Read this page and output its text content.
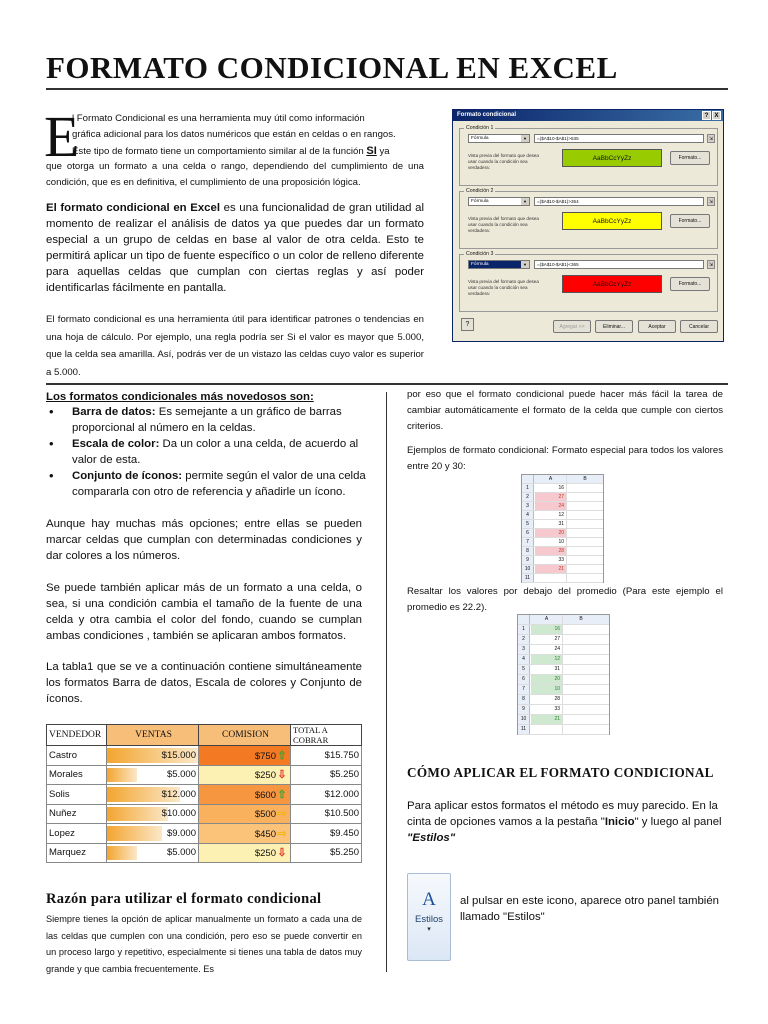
FORMATO CONDICIONAL EN EXCEL
E
l Formato Condicional es una herramienta muy útil como información
gráfica adicional para los datos numéricos que están en celdas o en rangos.
Este tipo de formato tiene un comportamiento similar al de la función SI ya
que otorga un formato a una celda o rango, dependiendo del cumplimiento de una condición, que es en definitiva, el cumplimiento de una proposición lógica.
El formato condicional en Excel es una funcionalidad de gran utilidad al momento de realizar el análisis de datos ya que puedes dar un formato especial a un grupo de celdas en base al valor de otra celda. Esto te permitirá aplicar un tipo de fuente específico o un color de relleno diferente para aquellas celdas que cumplan con ciertas reglas y así poder identificarlas fácilmente en pantalla.
El formato condicional es una herramienta útil para identificar patrones o tendencias en una hoja de cálculo. Por ejemplo, una regla podría ser Si el valor es mayor que 5.000, que la celda sea amarilla. Así, podrás ver de un vistazo las celdas cuyo valor es superior a 5.000.
Formato condicional	?	X
Condición 1
Fórmula	▼	=($A$10-$A$1)>535	⇲
Vista previa del formato que desea usar cuando la condición sea verdadera:
AaBbCcYyZz	Formato...
Condición 2
Fórmula	▼	=($A$10-$A$1)>364	⇲
Vista previa del formato que desea usar cuando la condición sea verdadera:
AaBbCcYyZz	Formato...
Condición 3
Fórmula	▼	=($A$10-$A$1)<365	⇲
Vista previa del formato que desea usar cuando la condición sea verdadera:
AaBbCcYyZz	Formato...
?	Agregar >>	Eliminar...	Aceptar	Cancelar
Los formatos condicionales más novedosos son:
• Barra de datos: Es semejante a un gráfico de barras proporcional al número en la celdas.
• Escala de color: Da un color a una celda, de acuerdo al valor de esta.
• Conjunto de íconos: permite según el valor de una celda compararla con otro de referencia y añadirle un ícono.
Aunque hay muchas más opciones; entre ellas se pueden marcar celdas que cumplan con determinadas condiciones y dar colores a los números.
Se puede también aplicar más de un formato a una celda, o sea, si una condición cambia el tamaño de la fuente de una celda y otra cambia el color del fondo, cuando se cumplan ambas condiciones , también se aplicaran ambos formatos.
La tabla1 que se ve a continuación contiene simultáneamente los formatos Barra de datos, Escala de colores y Conjunto de íconos.
VENDEDOR	VENTAS	COMISION	TOTAL A COBRAR
Castro	$15.000	$750⇧	$15.750
Morales	$5.000	$250⇩	$5.250
Solis	$12.000	$600⇧	$12.000
Nuñez	$10.000	$500⇨	$10.500
Lopez	$9.000	$450⇨	$9.450
Marquez	$5.000	$250⇩	$5.250
Razón para utilizar el formato condicional
Siempre tienes la opción de aplicar manualmente un formato a cada una de las celdas que cumplen con una condición, pero eso se puede convertir en un proceso largo y repetitivo, especialmente si tienes una tabla de datos muy grande y que cambia frecuentemente. Es
por eso que el formato condicional puede hacer más fácil la tarea de cambiar automáticamente el formato de la celda que cumple con ciertos criterios.
Ejemplos de formato condicional: Formato especial para todos los valores entre 20 y 30:
A	B
1	16
2	27
3	24
4	12
5	31
6	20
7	10
8	28
9	33
10	21
11
Resaltar los valores por debajo del promedio (Para este ejemplo el promedio es 22.2).
A	B
1	16
2	27
3	24
4	12
5	31
6	20
7	10
8	28
9	33
10	21
11
CÓMO APLICAR EL FORMATO CONDICIONAL
Para aplicar estos formatos el método es muy parecido. En la cinta de opciones vamos a la pestaña "Inicio" y luego al panel "Estilos"
A
Estilos
▾
al pulsar en este icono, aparece otro panel también llamado "Estilos"
